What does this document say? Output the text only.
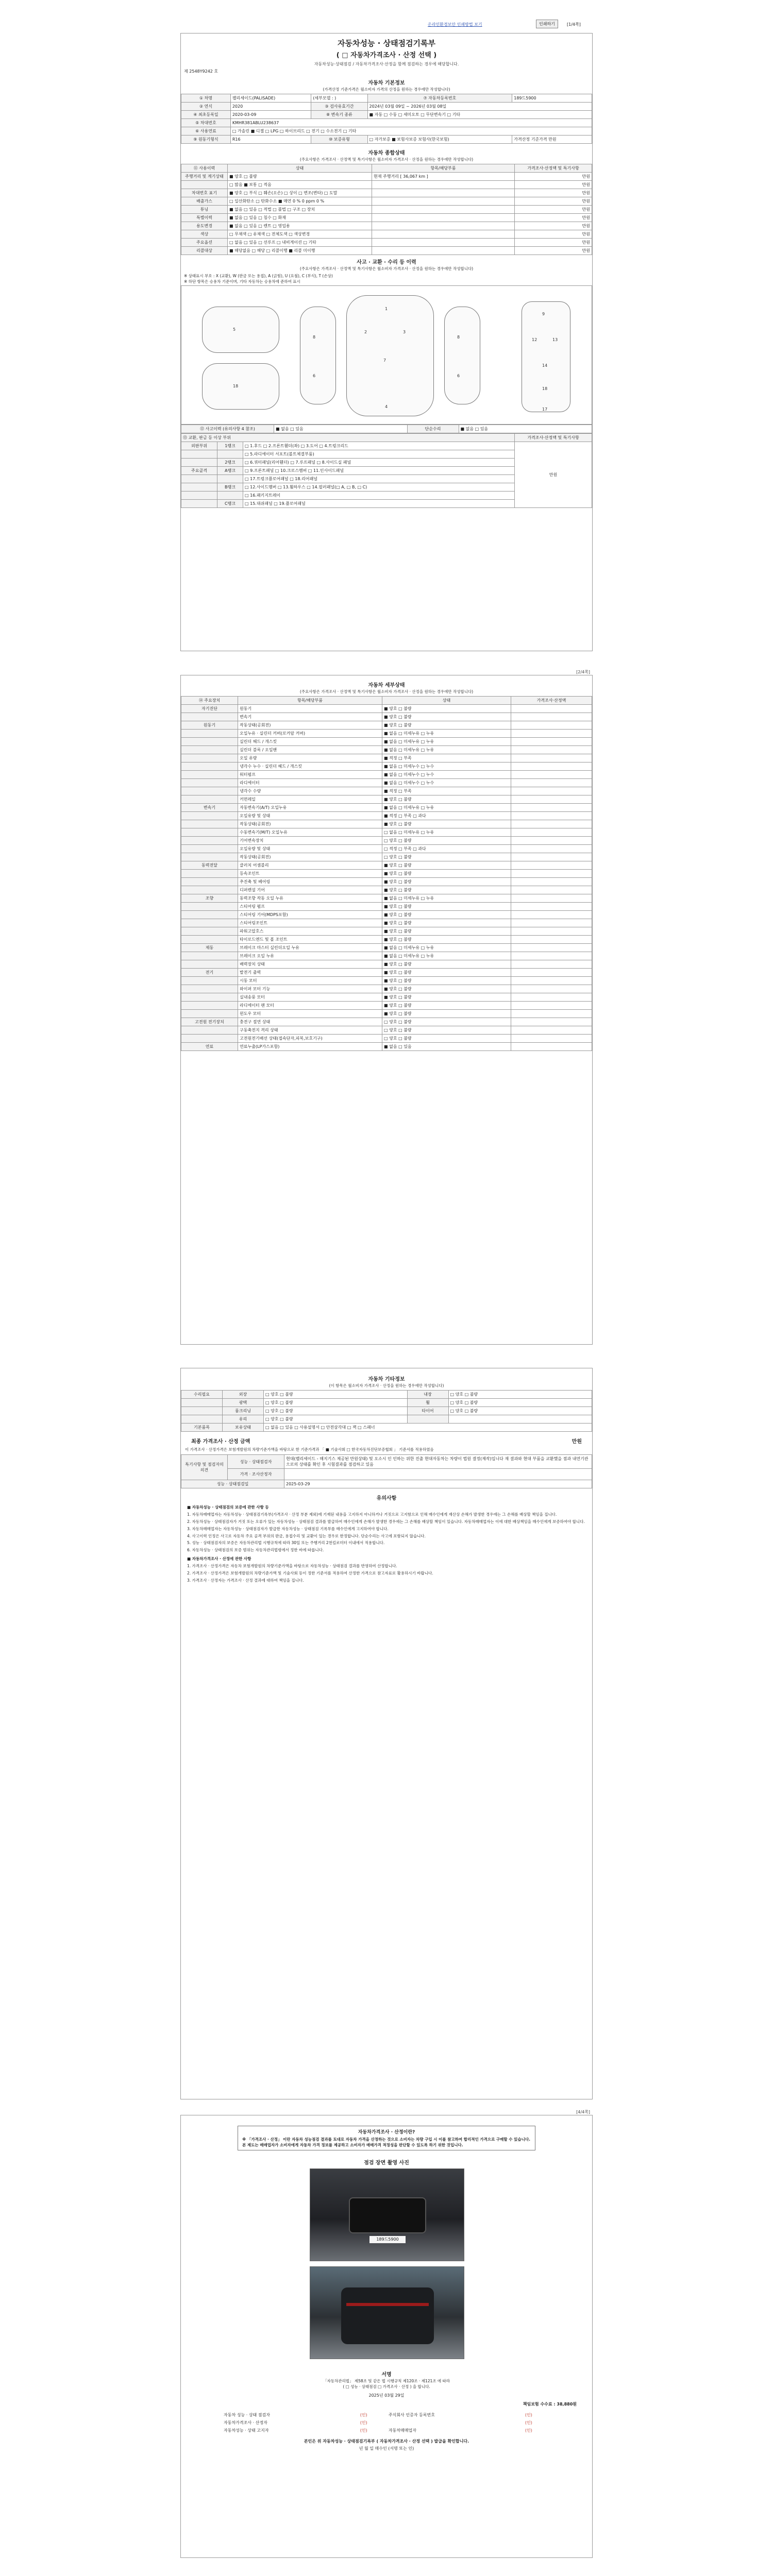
온라인환경보안 인쇄방법 보기	인쇄하기	[1/4쪽]
자동차성능 · 상태점검기록부
( □ 자동차가격조사 · 산정 선택 )
자동차성능·상태점검 / 자동차가격조사·산정을 함께 점검하는 경우에 해당합니다.
제 2548Y9242 호
자동차 기본정보
(가격산정 기준가격은 월소비자 가격의 산정을 원하는 경우에만 작성합니다)
① 차명	팰리세이드(PALISADE)	(세부모델 : )	⑦ 자동차등록번호	189드5900
② 연식	2020	③ 검사유효기간	2024년 03월 09일 ~ 2026년 03월 08일	
④ 최초등록일	2020-03-09	⑧ 변속기 종류	■ 자동 □ 수동 □ 세미오토 □ 무단변속기 □ 기타	
⑤ 차대번호	KMHR381ABLU238637			
⑥ 사용연료	□ 가솔린 ■ 디젤 □ LPG □ 하이브리드 □ 전기 □ 수소전기 □ 기타			
⑨ 원동기형식	R16	⑩ 보증유형	□ 자가보증 ■ 보험사보증 보험사(한국보험)	가격산정 기준가격 만원
자동차 종합상태
(주요사항은 가격조사 · 산정액 및 특기사항은 월소비자 가격조사 · 산정을 원하는 경우에만 작성합니다)
⑪ 사용이력	상태	항목/해당부품	가격조사·산정액 및 특기사항
주행거리 및 계기상태	■ 양호 □ 불량	현재 주행거리 [ 36,067 km ]	만원
	□ 많음 ■ 보통 □ 적음		만원
차대번호 표기	■ 양호 □ 부식 □ 훼손(오손) □ 상이 □ 변조(변타) □ 도말		만원
배출가스	□ 일산화탄소 □ 탄화수소 ■ 매연 0 % 0 ppm 0 %		만원
튜닝	■ 없음 □ 있음 □ 적법 □ 불법 □ 구조 □ 장치		만원
특별이력	■ 없음 □ 있음 □ 침수 □ 화재		만원
용도변경	■ 없음 □ 있음 □ 렌트 □ 영업용		만원
색상	□ 무채색 □ 유채색 □ 전체도색 □ 색상변경		만원
주요옵션	□ 없음 □ 있음 □ 선루프 □ 내비게이션 □ 기타		만원
리콜대상	■ 해당없음 □ 해당 □ 리콜이행 ■ 리콜 미이행		만원
사고 · 교환 · 수리 등 이력
(주요사항은 가격조사 · 산정액 및 특기사항은 월소비자 가격조사 · 산정을 원하는 경우에만 작성합니다)
※ 상태표시 부호 : X (교환), W (판금 또는 용접), A (긁힘), U (요철), C (부식), T (손상)
※ 하단 항목은 승용차 기준이며, 기타 자동차는 승용차에 준하여 표시
1
2	3
7
4
8
6
8
6
9
12	13
14
18
17
5
18
⑫ 사고이력 (유의사항 4 참조)	■ 없음 □ 있음	단순수리	■ 없음 □ 있음
⑬ 교환, 판금 등 이상 부위			가격조사·산정액 및 특기사항
외판부위	1랭크	□ 1.후드 □ 2.프론트휀더(좌) □ 3.도어 □ 4.트렁크리드	만원
		□ 5.라디에이터 서포트(볼트체결부품)	
	2랭크	□ 6.쿼터패널(리어휀더) □ 7.루프패널 □ 8.사이드실 패널	
주요골격	A랭크	□ 9.프론트패널 □ 10.크로스멤버 □ 11.인사이드패널	
		□ 17.트렁크플로어패널 □ 18.리어패널	
	B랭크	□ 12.사이드멤버 □ 13.휠하우스 □ 14.필러패널(□ A, □ B, □ C)	
		□ 16.패키지트레이	
	C랭크	□ 15.대쉬패널 □ 19.플로어패널	
[2/4쪽]
자동차 세부상태
(주요사항은 가격조사 · 산정액 및 특기사항은 월소비자 가격조사 · 산정을 원하는 경우에만 작성합니다)
⑭ 주요장치	항목/해당부품	상태	가격조사·산정액
자기진단	원동기	■ 양호 □ 불량	
	변속기	■ 양호 □ 불량	
원동기	작동상태(공회전)	■ 양호 □ 불량	
	오일누유 · 실린더 커버(로커암 커버)	■ 없음 □ 미세누유 □ 누유	
	실린더 헤드 / 개스킷	■ 없음 □ 미세누유 □ 누유	
	실린더 블록 / 오일팬	■ 없음 □ 미세누유 □ 누유	
	오일 유량	■ 적정 □ 부족	
	냉각수 누수 · 실린더 헤드 / 개스킷	■ 없음 □ 미세누수 □ 누수	
	워터펌프	■ 없음 □ 미세누수 □ 누수	
	라디에이터	■ 없음 □ 미세누수 □ 누수	
	냉각수 수량	■ 적정 □ 부족	
	커먼레일	■ 양호 □ 불량	
변속기	자동변속기(A/T) 오일누유	■ 없음 □ 미세누유 □ 누유	
	오일유량 및 상태	■ 적정 □ 부족 □ 과다	
	작동상태(공회전)	■ 양호 □ 불량	
	수동변속기(M/T) 오일누유	□ 없음 □ 미세누유 □ 누유	
	기어변속장치	□ 양호 □ 불량	
	오일유량 및 상태	□ 적정 □ 부족 □ 과다	
	작동상태(공회전)	□ 양호 □ 불량	
동력전달	클러치 어셈블리	■ 양호 □ 불량	
	등속조인트	■ 양호 □ 불량	
	추진축 및 베어링	■ 양호 □ 불량	
	디퍼렌셜 기어	■ 양호 □ 불량	
조향	동력조향 작동 오일 누유	■ 없음 □ 미세누유 □ 누유	
	스티어링 펌프	■ 양호 □ 불량	
	스티어링 기어(MDPS포함)	■ 양호 □ 불량	
	스티어링조인트	■ 양호 □ 불량	
	파워고압호스	■ 양호 □ 불량	
	타이로드엔드 및 볼 조인트	■ 양호 □ 불량	
제동	브레이크 마스터 실린더오일 누유	■ 없음 □ 미세누유 □ 누유	
	브레이크 오일 누유	■ 없음 □ 미세누유 □ 누유	
	배력장치 상태	■ 양호 □ 불량	
전기	발전기 출력	■ 양호 □ 불량	
	시동 모터	■ 양호 □ 불량	
	와이퍼 모터 기능	■ 양호 □ 불량	
	실내송풍 모터	■ 양호 □ 불량	
	라디에이터 팬 모터	■ 양호 □ 불량	
	윈도우 모터	■ 양호 □ 불량	
고전원 전기장치	충전구 절연 상태	□ 양호 □ 불량	
	구동축전지 격리 상태	□ 양호 □ 불량	
	고전원전기배선 상태(접속단자,피복,보호기구)	□ 양호 □ 불량	
연료	연료누출(LP가스포함)	■ 없음 □ 있음	
자동차 기타정보
(이 항목은 월소비자 가격조사 · 산정을 원하는 경우에만 작성합니다)
수리필요	외장	□ 양호 □ 불량	내장	□ 양호 □ 불량
	광택	□ 양호 □ 불량	휠	□ 양호 □ 불량
	룸크리닝	□ 양호 □ 불량	타이어	□ 양호 □ 불량
	유리	□ 양호 □ 불량		
기본품목	보유상태	□ 없음 □ 있음 □ 사용설명서 □ 안전삼각대 □ 잭 □ 스패너		
최종 가격조사 · 산정 금액	만원
이 가격조사 · 산정가격은 보험개발원의 차량기준가액을 바탕으로 한 기준가격과 「 ■ 기술사회 □ 한국자동차진단보증협회 」 기준서를 적용하였음
특기사항 및 점검자의 의견	성능 · 상태점검자	현대(팰리세이드 - 해지기스 제공된 만원상태) 및 오소시 인 인하는 위한 진출 현대자동차는 차량이 법원 결정(제작)입니다 재 결과와 현대 부품을 교환했을 점과 내연기관으로의 상태를 확인 후 시험결과를 점검하고 있음
	가격 · 조사산정자	
성능 · 상태점검일		2025-03-29
유의사항

■ 자동차성능 · 상태점검의 보증에 관한 사항 등

1. 자동차매매업자는 자동차성능 · 상태점검기록부(가격조사 · 산정 부분 제외)에 기재된 내용을 고지하지 아니하거나 거짓으로 고지함으로 인해 매수인에게 재산상 손해가 발생한 경우에는 그 손해를 배상할 책임을 집니다.

2. 자동차성능 · 상태점검자가 거짓 또는 오류가 있는 자동차성능 · 상태점검 결과를 발급하여 매수인에게 손해가 발생한 경우에는 그 손해를 배상할 책임이 있습니다. 자동차매매업자는 이에 대한 배상책임을 매수인에게 보증하여야 합니다.

3. 자동차매매업자는 자동차성능 · 상태점검자가 발급한 자동차성능 · 상태점검 기록부를 매수인에게 고지하여야 합니다.

4. 사고이력 인정은 사고로 자동차 주요 골격 부위의 판금, 용접수리 및 교환이 있는 경우로 한정합니다. 단순수리는 사고에 포함되지 않습니다.

5. 성능 · 상태점검자의 보증은 자동차관리법 시행규칙에 따라 30일 또는 주행거리 2천킬로미터 이내에서 적용합니다.

6. 자동차성능 · 상태점검의 보증 범위는 자동차관리법령에서 정한 바에 따릅니다.

■ 자동차가격조사 · 산정에 관한 사항

1. 가격조사 · 산정가격은 자동차 보험개발원의 차량기준가액을 바탕으로 자동차성능 · 상태점검 결과를 반영하여 산정합니다.

2. 가격조사 · 산정가격은 보험개발원의 차량기준가액 및 기술사회 등이 정한 기준서를 적용하여 산정한 가격으로 참고자료로 활용하시기 바랍니다.

3. 가격조사 · 산정자는 가격조사 · 산정 결과에 대하여 책임을 집니다.

[4/4쪽]
자동차가격조사 · 산정이란?
※ 「가격조사 · 산정」 이란 자동차 성능점검 결과를 토대로 자동차 가격을 산정하는 것으로 소비자는 차량 구입 시 이를 참고하여 합리적인 가격으로 구매할 수 있습니다. 본 제도는 매매업자가 소비자에게 자동차 가격 정보를 제공하고 소비자가 매매가격 적정성을 판단할 수 있도록 하기 위한 것입니다.
점검 장면 촬영 사진
189드5900
서명
「자동차관리법」 제58조 및 같은 법 시행규칙 제120조 · 제121조 에 따라
( □ 성능 · 상태점검 □ 가격조사 · 산정 ) 을 합니다.
2025년 03월 29일
책임보험 수수료 : 38,880원
자동차 성능 · 상태 점검자	(인)	주식회사 인증자 등록번호	(인)
자동차가격조사 · 산정자	(인)		(인)
자동차성능 · 상태 고지자	(인)	자동차매매업자	(인)
본인은 위 자동차성능 · 상태점검기록부 ( 자동차가격조사 · 산정 선택 ) 발급을 확인합니다.
년 월 일 매수인 (서명 또는 인)
